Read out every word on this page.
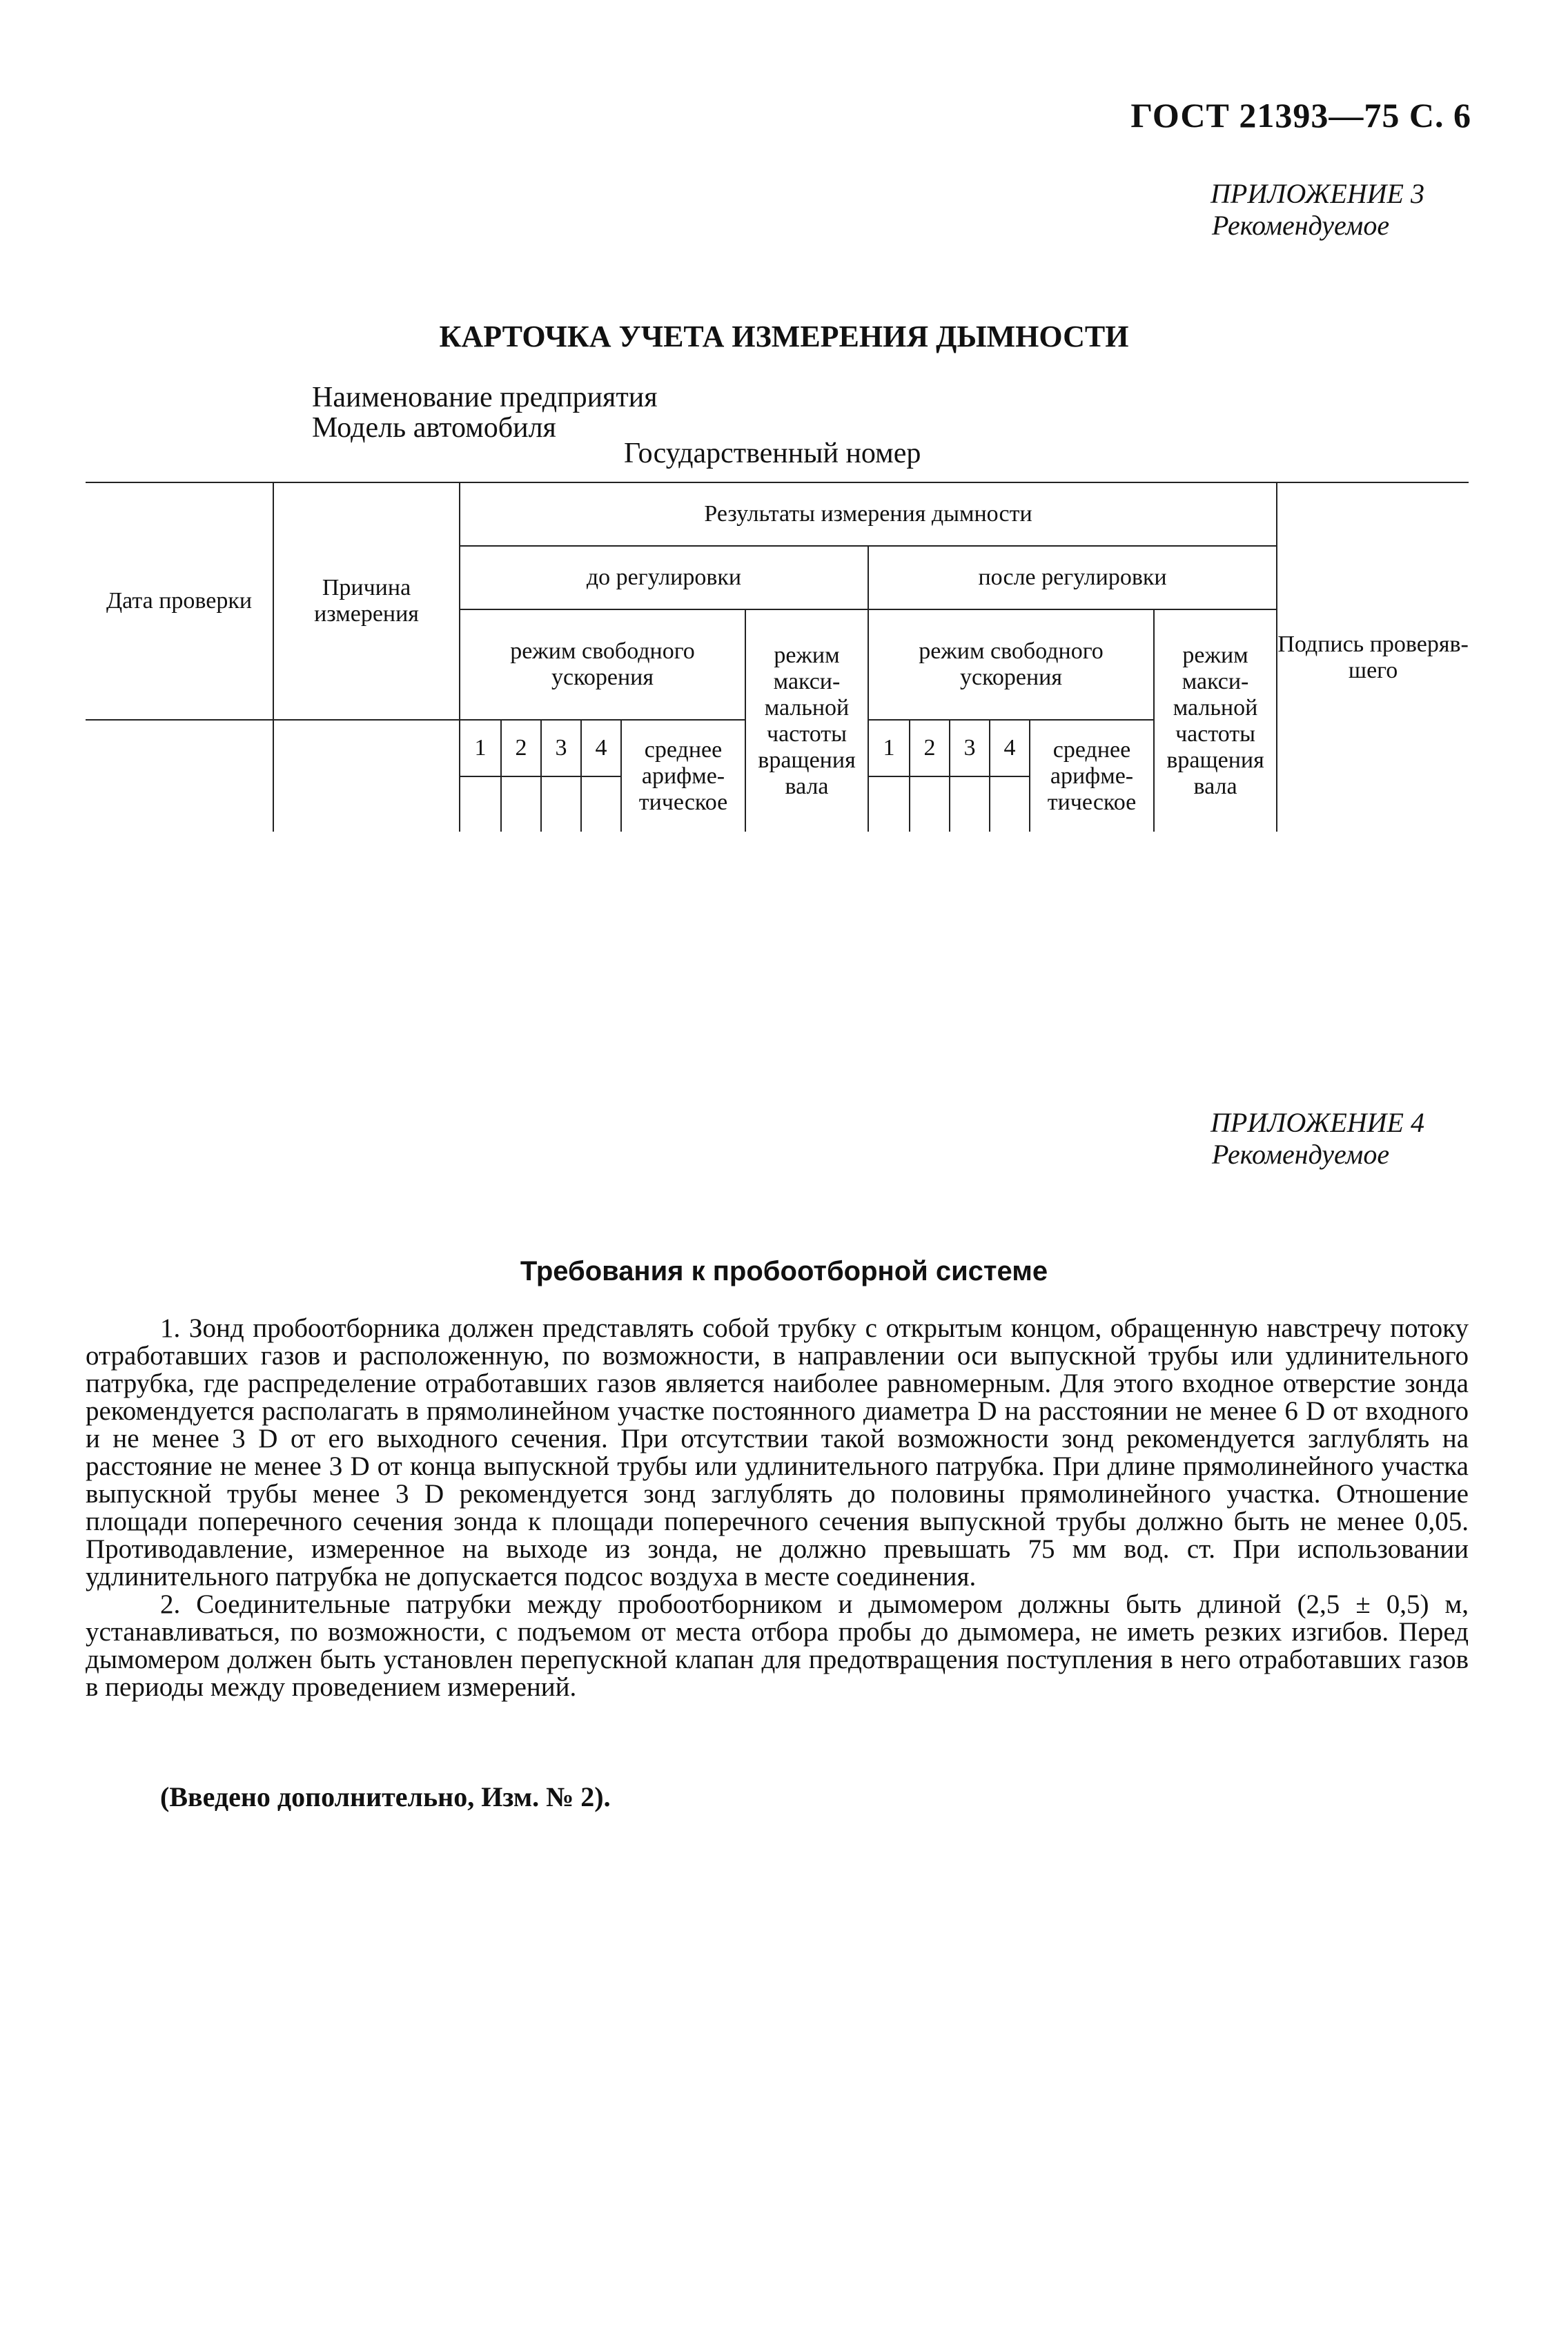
ГОСТ 21393—75 С. 6
ПРИЛОЖЕНИЕ 3
Рекомендуемое
КАРТОЧКА УЧЕТА ИЗМЕРЕНИЯ ДЫМНОСТИ
Наименование предприятия
Модель автомобиля
Государственный номер
Дата проверки	Причина измерения	Результаты измерения дымности												Подпись проверяв-шего
		до регулировки						после регулировки						
		режим свободного ускорения					режим макси-мальной частоты вращения вала	режим свободного ускорения					режим макси-мальной частоты вращения вала	
		1	2	3	4	среднее арифме-тическое		1	2	3	4	среднее арифме-тическое		

ПРИЛОЖЕНИЕ 4
Рекомендуемое
Требования к пробоотборной системе

1. Зонд пробоотборника должен представлять собой трубку с открытым концом, обращенную навстречу потоку отработавших газов и расположенную, по возможности, в направлении оси выпускной трубы или удлинительного патрубка, где распределение отработавших газов является наиболее равномерным. Для этого входное отверстие зонда рекомендуется располагать в прямолинейном участке постоянного диаметра D на расстоянии не менее 6 D от входного и не менее 3 D от его выходного сечения. При отсутствии такой возможности зонд рекомендуется заглублять на расстояние не менее 3 D от конца выпускной трубы или удлинительного патрубка. При длине прямолинейного участка выпускной трубы менее 3 D рекомендуется зонд заглублять до половины прямолинейного участка. Отношение площади поперечного сечения зонда к площади поперечного сечения выпускной трубы должно быть не менее 0,05. Противодавление, измеренное на выходе из зонда, не должно превышать 75 мм вод. ст. При использовании удлинительного патрубка не допускается подсос воздуха в месте соединения.

2. Соединительные патрубки между пробоотборником и дымомером должны быть длиной (2,5 ± 0,5) м, устанавливаться, по возможности, с подъемом от места отбора пробы до дымомера, не иметь резких изгибов. Перед дымомером должен быть установлен перепускной клапан для предотвращения поступления в него отработавших газов в периоды между проведением измерений.

(Введено дополнительно, Изм. № 2).
